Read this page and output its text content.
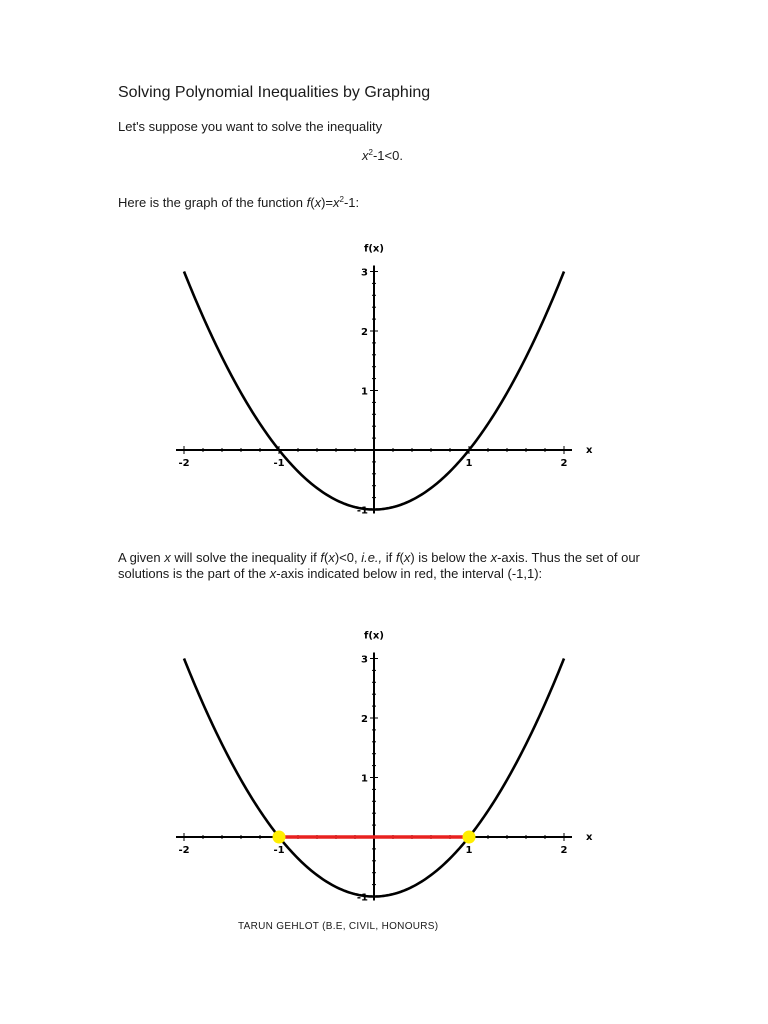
Solving Polynomial Inequalities by Graphing
Let's suppose you want to solve the inequality
$x^2-1<0$.
Here is the graph of the function $f(x)=x^2-1$:
-2	-1	1	2
-1
1
2
3
x
f(x)
A given x will solve the inequality if f(x)<0, i.e., if f(x) is below the x-axis. Thus the set of our solutions is the part of the x-axis indicated below in red, the interval (-1,1):
-2	-1	1	2
-1
1
2
3
x
f(x)
TARUN GEHLOT (B.E, CIVIL, HONOURS)
